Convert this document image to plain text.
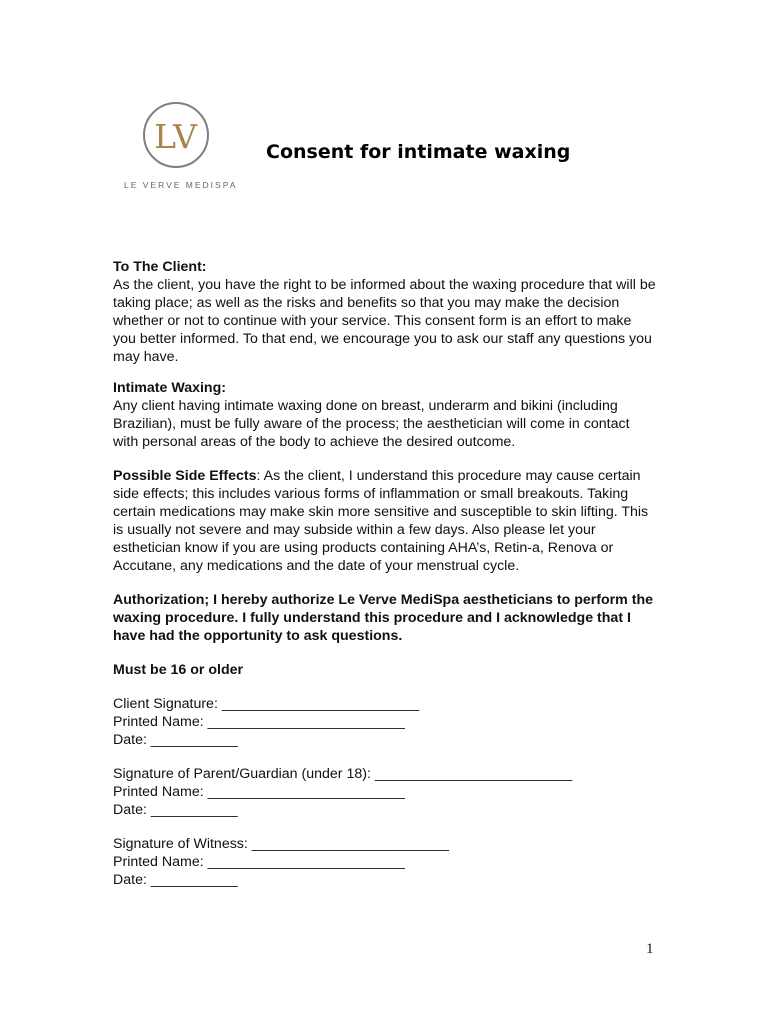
LV
LE VERVE MEDISPA
Consent for intimate waxing

To The Client:

As the client, you have the right to be informed about the waxing procedure that will be taking place; as well as the risks and benefits so that you may make the decision whether or not to continue with your service. This consent form is an effort to make you better informed. To that end, we encourage you to ask our staff any questions you may have.

Intimate Waxing:

Any client having intimate waxing done on breast, underarm and bikini (including Brazilian), must be fully aware of the process; the aesthetician will come in contact with personal areas of the body to achieve the desired outcome.

Possible Side Effects: As the client, I understand this procedure may cause certain side effects; this includes various forms of inflammation or small breakouts. Taking certain medications may make skin more sensitive and susceptible to skin lifting. This is usually not severe and may subside within a few days. Also please let your esthetician know if you are using products containing AHA’s, Retin-a, Renova or Accutane, any medications and the date of your menstrual cycle.

Authorization; I hereby authorize Le Verve MediSpa aestheticians to perform the waxing procedure. I fully understand this procedure and I acknowledge that I have had the opportunity to ask questions.

Must be 16 or older

Client Signature: _________________________

Printed Name: _________________________

Date: ___________

Signature of Parent/Guardian (under 18): _________________________

Printed Name: _________________________

Date: ___________

Signature of Witness: _________________________

Printed Name: _________________________

Date: ___________

1
